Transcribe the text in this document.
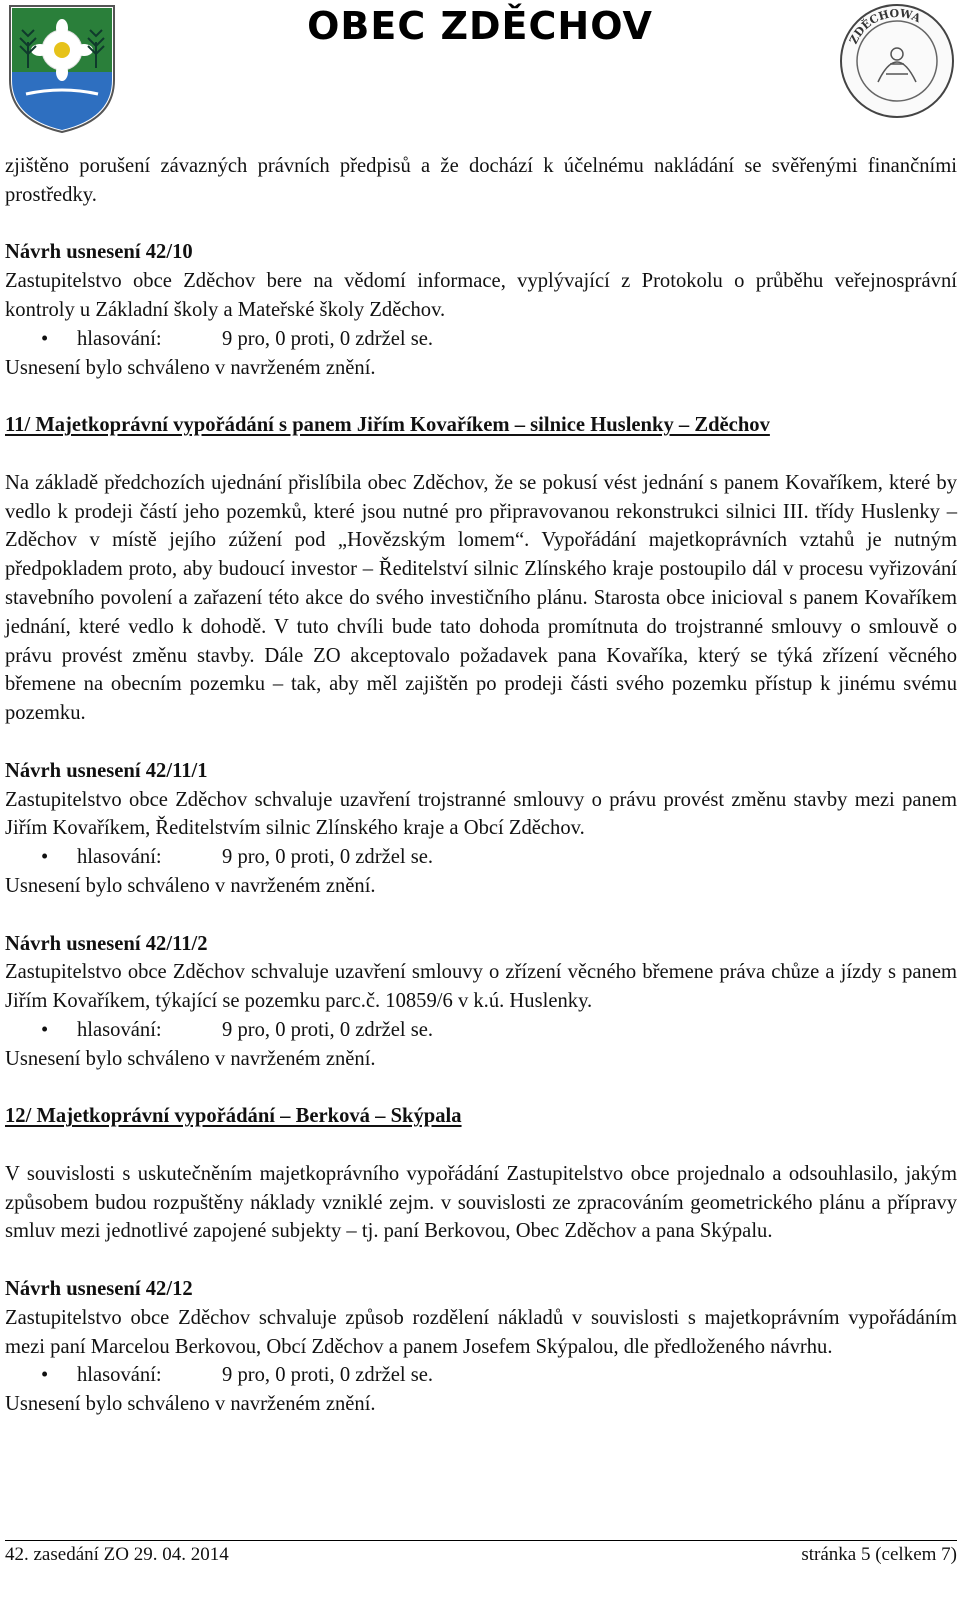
OBEC ZDĚCHOV	ZDĚCHOWA

zjištěno porušení závazných právních předpisů a že dochází k účelnému nakládání se svěřenými finančními prostředky.

Návrh usnesení 42/10

Zastupitelstvo obce Zděchov bere na vědomí informace, vyplývající z Protokolu o průběhu veřejnosprávní kontroly u Základní školy a Mateřské školy Zděchov.

• hlasování:	9 pro, 0 proti, 0 zdržel se.

Usnesení bylo schváleno v navrženém znění.

11/ Majetkoprávní vypořádání s panem Jiřím Kovaříkem – silnice Huslenky – Zděchov

Na základě předchozích ujednání přislíbila obec Zděchov, že se pokusí vést jednání s panem Kovaříkem, které by vedlo k prodeji částí jeho pozemků, které jsou nutné pro připravovanou rekonstrukci silnici III. třídy Huslenky – Zděchov v místě jejího zúžení pod „Hovězským lomem“. Vypořádání majetkoprávních vztahů je nutným předpokladem proto, aby budoucí investor – Ředitelství silnic Zlínského kraje postoupilo dál v procesu vyřizování stavebního povolení a zařazení této akce do svého investičního plánu. Starosta obce inicioval s panem Kovaříkem jednání, které vedlo k dohodě. V tuto chvíli bude tato dohoda promítnuta do trojstranné smlouvy o smlouvě o právu provést změnu stavby. Dále ZO akceptovalo požadavek pana Kovaříka, který se týká zřízení věcného břemene na obecním pozemku – tak, aby měl zajištěn po prodeji části svého pozemku přístup k jinému svému pozemku.

Návrh usnesení 42/11/1

Zastupitelstvo obce Zděchov schvaluje uzavření trojstranné smlouvy o právu provést změnu stavby mezi panem Jiřím Kovaříkem, Ředitelstvím silnic Zlínského kraje a Obcí Zděchov.

• hlasování:	9 pro, 0 proti, 0 zdržel se.

Usnesení bylo schváleno v navrženém znění.

Návrh usnesení 42/11/2

Zastupitelstvo obce Zděchov schvaluje uzavření smlouvy o zřízení věcného břemene práva chůze a jízdy s panem Jiřím Kovaříkem, týkající se pozemku parc.č. 10859/6 v k.ú. Huslenky.

• hlasování:	9 pro, 0 proti, 0 zdržel se.

Usnesení bylo schváleno v navrženém znění.

12/ Majetkoprávní vypořádání – Berková – Skýpala

V souvislosti s uskutečněním majetkoprávního vypořádání Zastupitelstvo obce projednalo a odsouhlasilo, jakým způsobem budou rozpuštěny náklady vzniklé zejm. v souvislosti ze zpracováním geometrického plánu a přípravy smluv mezi jednotlivé zapojené subjekty – tj. paní Berkovou, Obec Zděchov a pana Skýpalu.

Návrh usnesení 42/12

Zastupitelstvo obce Zděchov schvaluje způsob rozdělení nákladů v souvislosti s majetkoprávním vypořádáním mezi paní Marcelou Berkovou, Obcí Zděchov a panem Josefem Skýpalou, dle předloženého návrhu.

• hlasování:	9 pro, 0 proti, 0 zdržel se.

Usnesení bylo schváleno v navrženém znění.

42. zasedání ZO 29. 04. 2014	stránka 5 (celkem 7)
